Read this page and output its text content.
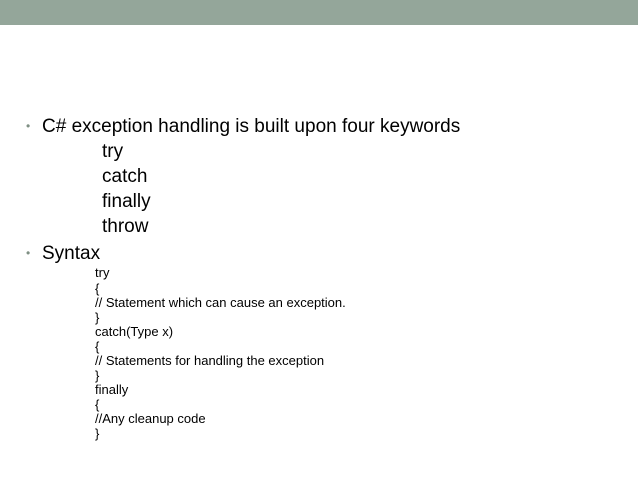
• C# exception handling is built upon four keywords
try
catch
finally
throw
• Syntax
try
{
// Statement which can cause an exception.
}
catch(Type x)
{
// Statements for handling the exception
}
finally
{
//Any cleanup code
}
